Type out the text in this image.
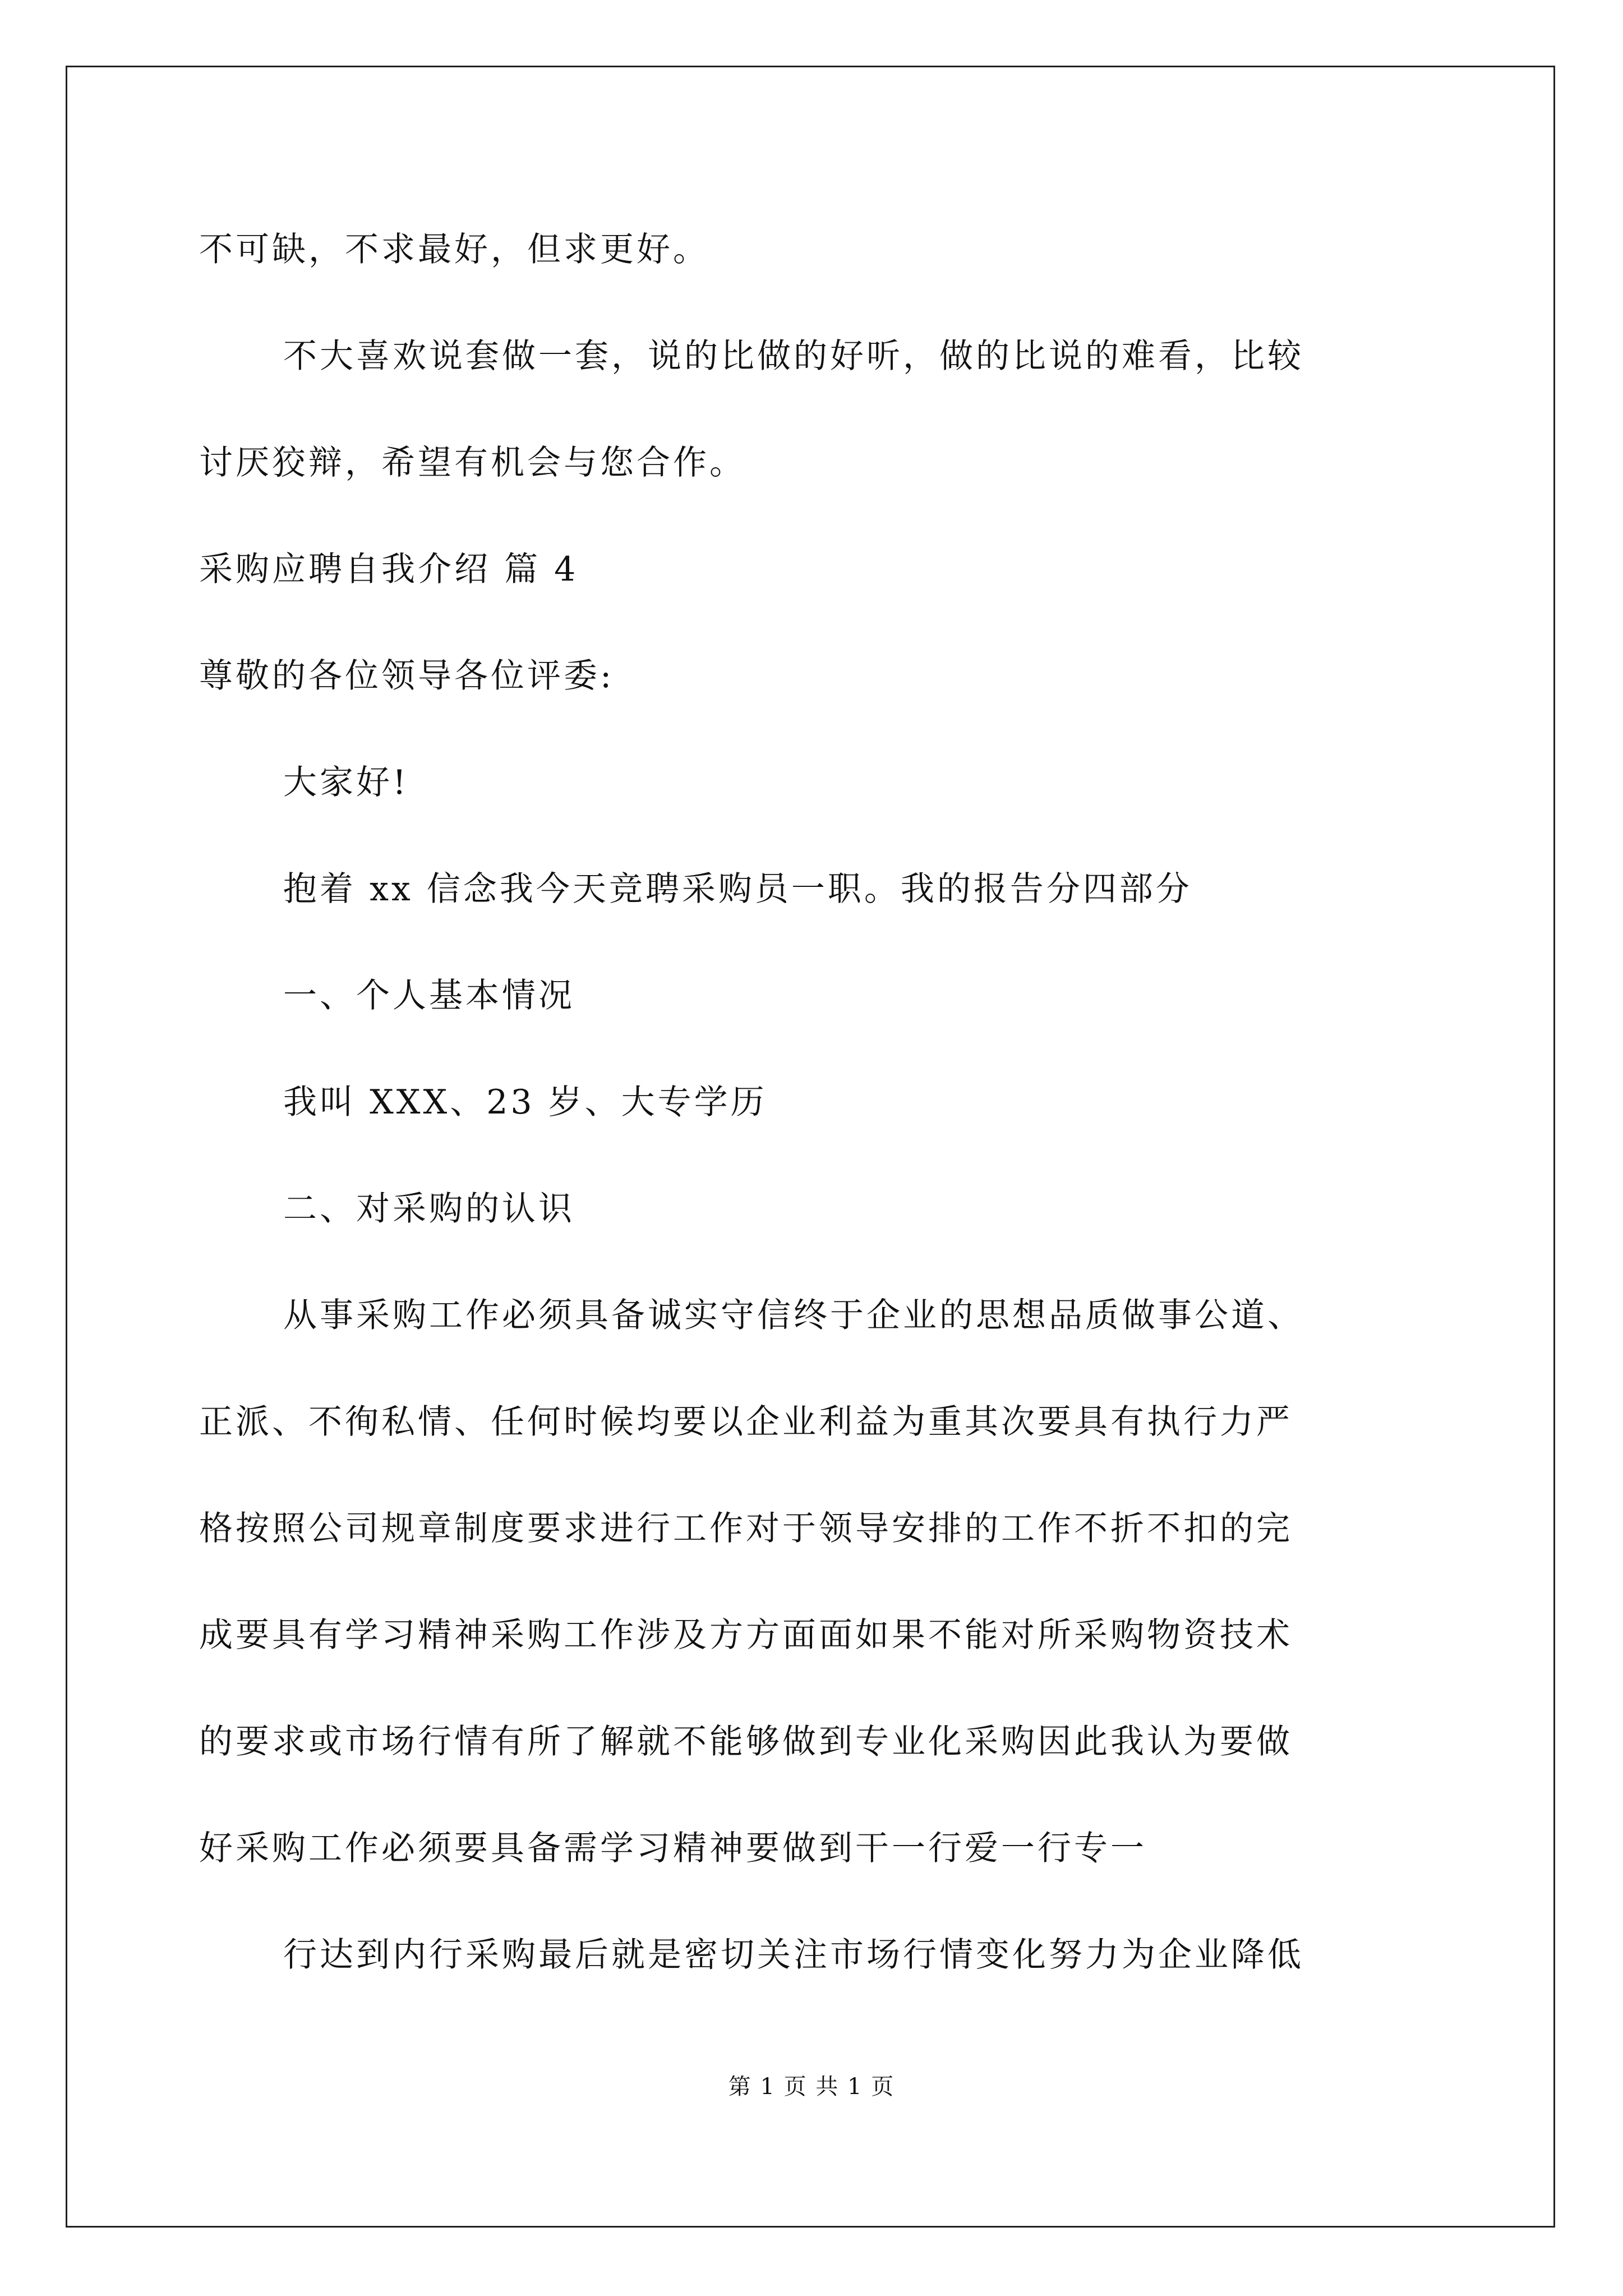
不可缺，不求最好，但求更好。
不大喜欢说套做一套，说的比做的好听，做的比说的难看，比较
讨厌狡辩，希望有机会与您合作。
采购应聘自我介绍 篇 4
尊敬的各位领导各位评委:
大家好!
抱着 xx 信念我今天竞聘采购员一职。我的报告分四部分
一、个人基本情况
我叫 XXX、23 岁、大专学历
二、对采购的认识
从事采购工作必须具备诚实守信终于企业的思想品质做事公道、
正派、不徇私情、任何时候均要以企业利益为重其次要具有执行力严
格按照公司规章制度要求进行工作对于领导安排的工作不折不扣的完
成要具有学习精神采购工作涉及方方面面如果不能对所采购物资技术
的要求或市场行情有所了解就不能够做到专业化采购因此我认为要做
好采购工作必须要具备需学习精神要做到干一行爱一行专一
行达到内行采购最后就是密切关注市场行情变化努力为企业降低
第 1 页 共 1 页
